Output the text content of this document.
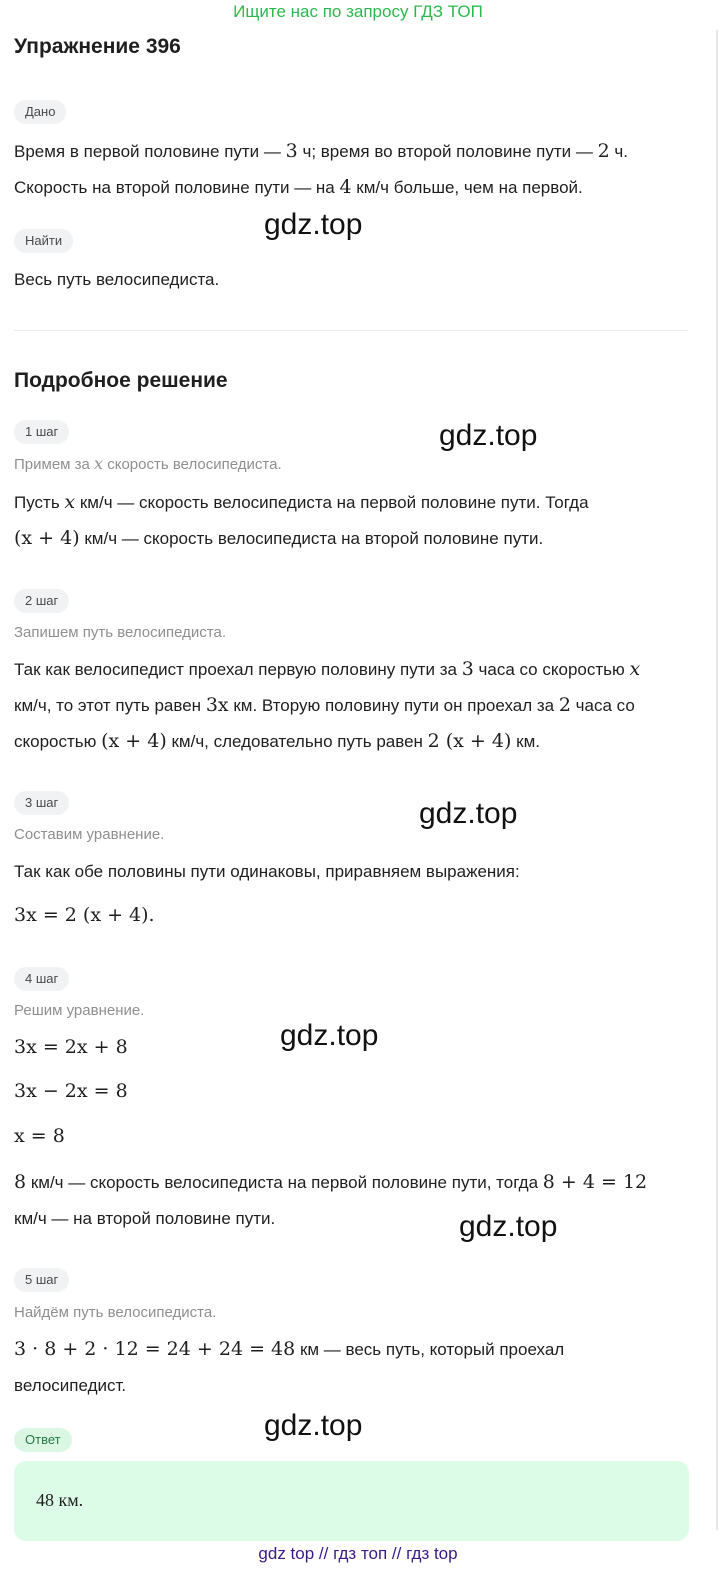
Ищите нас по запросу ГДЗ ТОП
Упражнение 396
Дано
Время в первой половине пути — 3 ч; время во второй половине пути — 2 ч.
Скорость на второй половине пути — на 4 км/ч больше, чем на первой.
Найти
Весь путь велосипедиста.
Подробное решение
1 шаг
Примем за x скорость велосипедиста.
Пусть x км/ч — скорость велосипедиста на первой половине пути. Тогда
(x + 4) км/ч — скорость велосипедиста на второй половине пути.
2 шаг
Запишем путь велосипедиста.
Так как велосипедист проехал первую половину пути за 3 часа со скоростью x
км/ч, то этот путь равен 3x км. Вторую половину пути он проехал за 2 часа со
скоростью (x + 4) км/ч, следовательно путь равен 2 (x + 4) км.
3 шаг
Составим уравнение.
Так как обе половины пути одинаковы, приравняем выражения:
3x = 2 (x + 4).
4 шаг
Решим уравнение.
3x = 2x + 8
3x − 2x = 8
x = 8
8 км/ч — скорость велосипедиста на первой половине пути, тогда 8 + 4 = 12
км/ч — на второй половине пути.
5 шаг
Найдём путь велосипедиста.
3 · 8 + 2 · 12 = 24 + 24 = 48 км — весь путь, который проехал
велосипедист.
Ответ
48 км.
gdz.top
gdz.top
gdz.top
gdz.top
gdz.top
gdz.top
gdz top // гдз топ // гдз top
